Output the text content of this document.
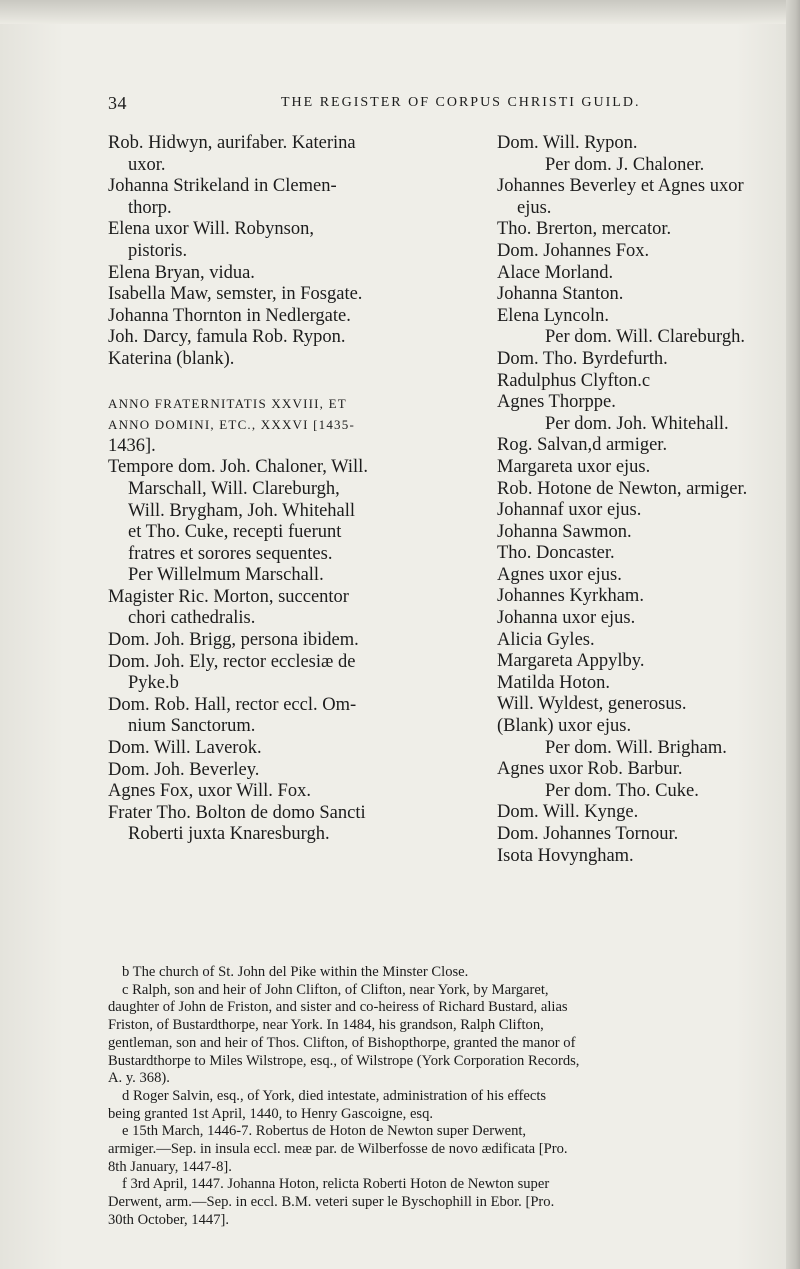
34	THE REGISTER OF CORPUS CHRISTI GUILD.
Rob. Hidwyn, aurifaber. Katerina
uxor.
Johanna Strikeland in Clemen-
thorp.
Elena uxor Will. Robynson,
pistoris.
Elena Bryan, vidua.
Isabella Maw, semster, in Fosgate.
Johanna Thornton in Nedlergate.
Joh. Darcy, famula Rob. Rypon.
Katerina (blank).
ANNO FRATERNITATIS XXVIII, ET
ANNO DOMINI, ETC., XXXVI [1435-
1436].
Tempore dom. Joh. Chaloner, Will.
Marschall, Will. Clareburgh,
Will. Brygham, Joh. Whitehall
et Tho. Cuke, recepti fuerunt
fratres et sorores sequentes.
Per Willelmum Marschall.
Magister Ric. Morton, succentor
chori cathedralis.
Dom. Joh. Brigg, persona ibidem.
Dom. Joh. Ely, rector ecclesiæ de
Pyke.b
Dom. Rob. Hall, rector eccl. Om-
nium Sanctorum.
Dom. Will. Laverok.
Dom. Joh. Beverley.
Agnes Fox, uxor Will. Fox.
Frater Tho. Bolton de domo Sancti
Roberti juxta Knaresburgh.
Dom. Will. Rypon.
Per dom. J. Chaloner.
Johannes Beverley et Agnes uxor
ejus.
Tho. Brerton, mercator.
Dom. Johannes Fox.
Alace Morland.
Johanna Stanton.
Elena Lyncoln.
Per dom. Will. Clareburgh.
Dom. Tho. Byrdefurth.
Radulphus Clyfton.c
Agnes Thorppe.
Per dom. Joh. Whitehall.
Rog. Salvan,d armiger.
Margareta uxor ejus.
Rob. Hotone de Newton, armiger.
Johannaf uxor ejus.
Johanna Sawmon.
Tho. Doncaster.
Agnes uxor ejus.
Johannes Kyrkham.
Johanna uxor ejus.
Alicia Gyles.
Margareta Appylby.
Matilda Hoton.
Will. Wyldest, generosus.
(Blank) uxor ejus.
Per dom. Will. Brigham.
Agnes uxor Rob. Barbur.
Per dom. Tho. Cuke.
Dom. Will. Kynge.
Dom. Johannes Tornour.
Isota Hovyngham.
b The church of St. John del Pike within the Minster Close.
c Ralph, son and heir of John Clifton, of Clifton, near York, by Margaret,
daughter of John de Friston, and sister and co-heiress of Richard Bustard, alias
Friston, of Bustardthorpe, near York. In 1484, his grandson, Ralph Clifton,
gentleman, son and heir of Thos. Clifton, of Bishopthorpe, granted the manor of
Bustardthorpe to Miles Wilstrope, esq., of Wilstrope (York Corporation Records,
A. y. 368).
d Roger Salvin, esq., of York, died intestate, administration of his effects
being granted 1st April, 1440, to Henry Gascoigne, esq.
e 15th March, 1446-7. Robertus de Hoton de Newton super Derwent,
armiger.—Sep. in insula eccl. meæ par. de Wilberfosse de novo ædificata [Pro.
8th January, 1447-8].
f 3rd April, 1447. Johanna Hoton, relicta Roberti Hoton de Newton super
Derwent, arm.—Sep. in eccl. B.M. veteri super le Byschophill in Ebor. [Pro.
30th October, 1447].
